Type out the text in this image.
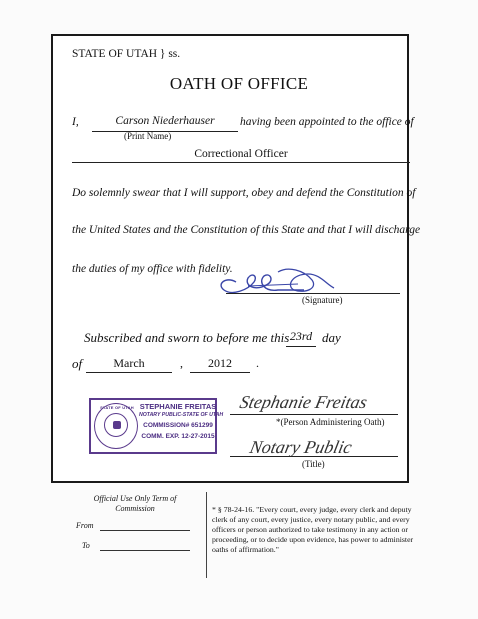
STATE OF UTAH } ss.
OATH OF OFFICE
I,	Carson Niederhauser	having been appointed to the office of
(Print Name)
Correctional Officer
Do solemnly swear that I will support, obey and defend the Constitution of
the United States and the Constitution of this State and that I will discharge
the duties of my office with fidelity.
(Signature)
Subscribed and sworn to before me this 23rd day
of	March	,	2012	.
STATE OF UTAH STEPHANIE FREITAS
NOTARY PUBLIC-STATE OF UTAH
COMMISSION# 651299
COMM. EXP. 12-27-2015
Stephanie Freitas
*(Person Administering Oath)
Notary Public
(Title)
Official Use Only Term of Commission
From
To
* § 78-24-16. "Every court, every judge, every clerk and deputy clerk of any court, every justice, every notary public, and every officers or person authorized to take testimony in any action or proceeding, or to decide upon evidence, has power to administer oaths of affirmation."
